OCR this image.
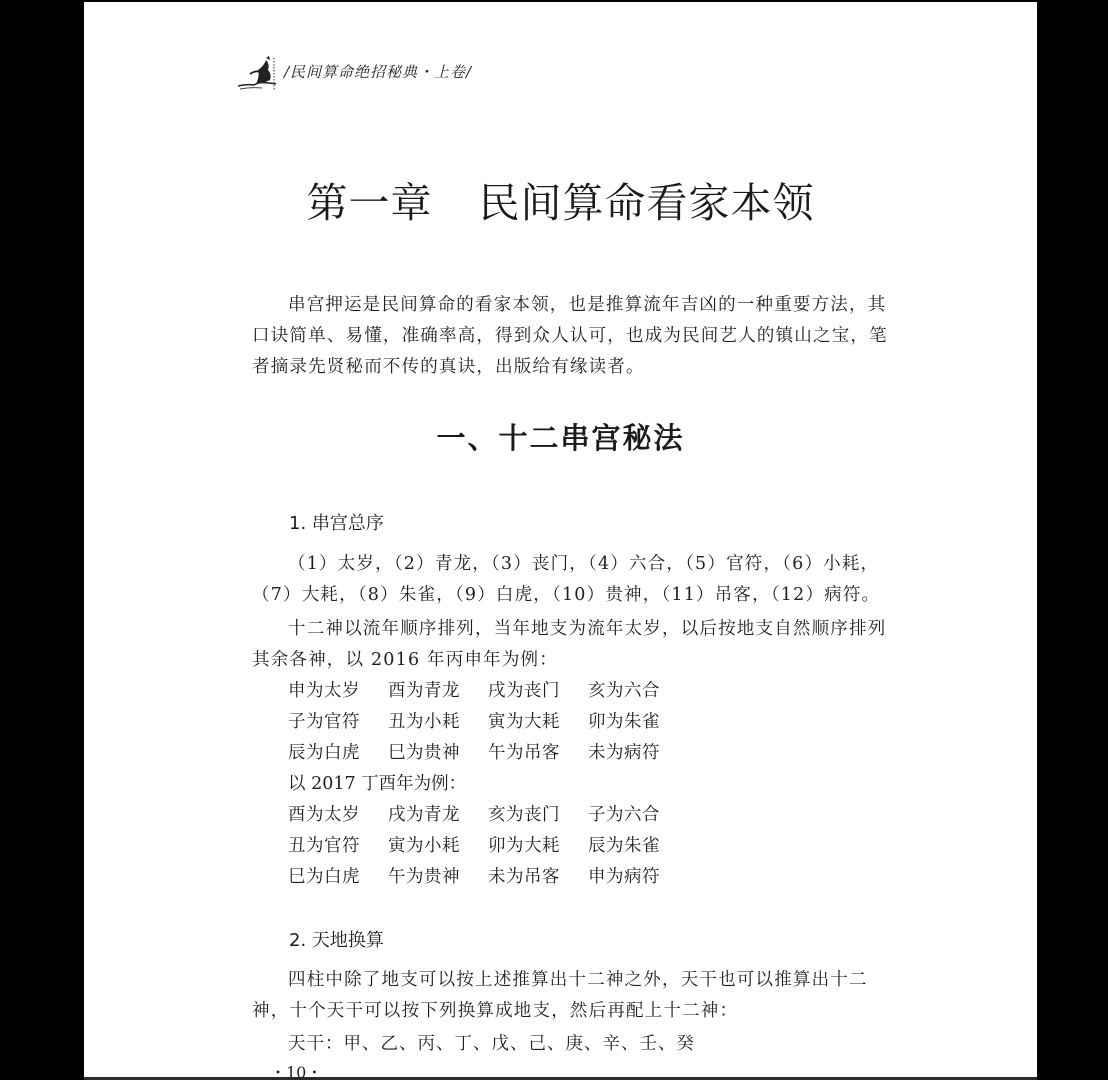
/民间算命绝招秘典・上卷/
第一章 民间算命看家本领
串宫押运是民间算命的看家本领，也是推算流年吉凶的一种重要方法，其口诀简单、易懂，准确率高，得到众人认可，也成为民间艺人的镇山之宝，笔者摘录先贤秘而不传的真诀，出版给有缘读者。
一、十二串宫秘法
1. 串宫总序
（1）太岁，（2）青龙，（3）丧门，（4）六合，（5）官符，（6）小耗，（7）大耗，（8）朱雀，（9）白虎，（10）贵神，（11）吊客，（12）病符。
十二神以流年顺序排列，当年地支为流年太岁，以后按地支自然顺序排列其余各神，以 2016 年丙申年为例：
申为太岁	酉为青龙	戌为丧门	亥为六合
子为官符	丑为小耗	寅为大耗	卯为朱雀
辰为白虎	巳为贵神	午为吊客	未为病符
以 2017 丁酉年为例：
酉为太岁	戌为青龙	亥为丧门	子为六合
丑为官符	寅为小耗	卯为大耗	辰为朱雀
巳为白虎	午为贵神	未为吊客	申为病符
2. 天地换算
四柱中除了地支可以按上述推算出十二神之外，天干也可以推算出十二神，十个天干可以按下列换算成地支，然后再配上十二神：
天干：甲、乙、丙、丁、戊、己、庚、辛、壬、癸
・10・
